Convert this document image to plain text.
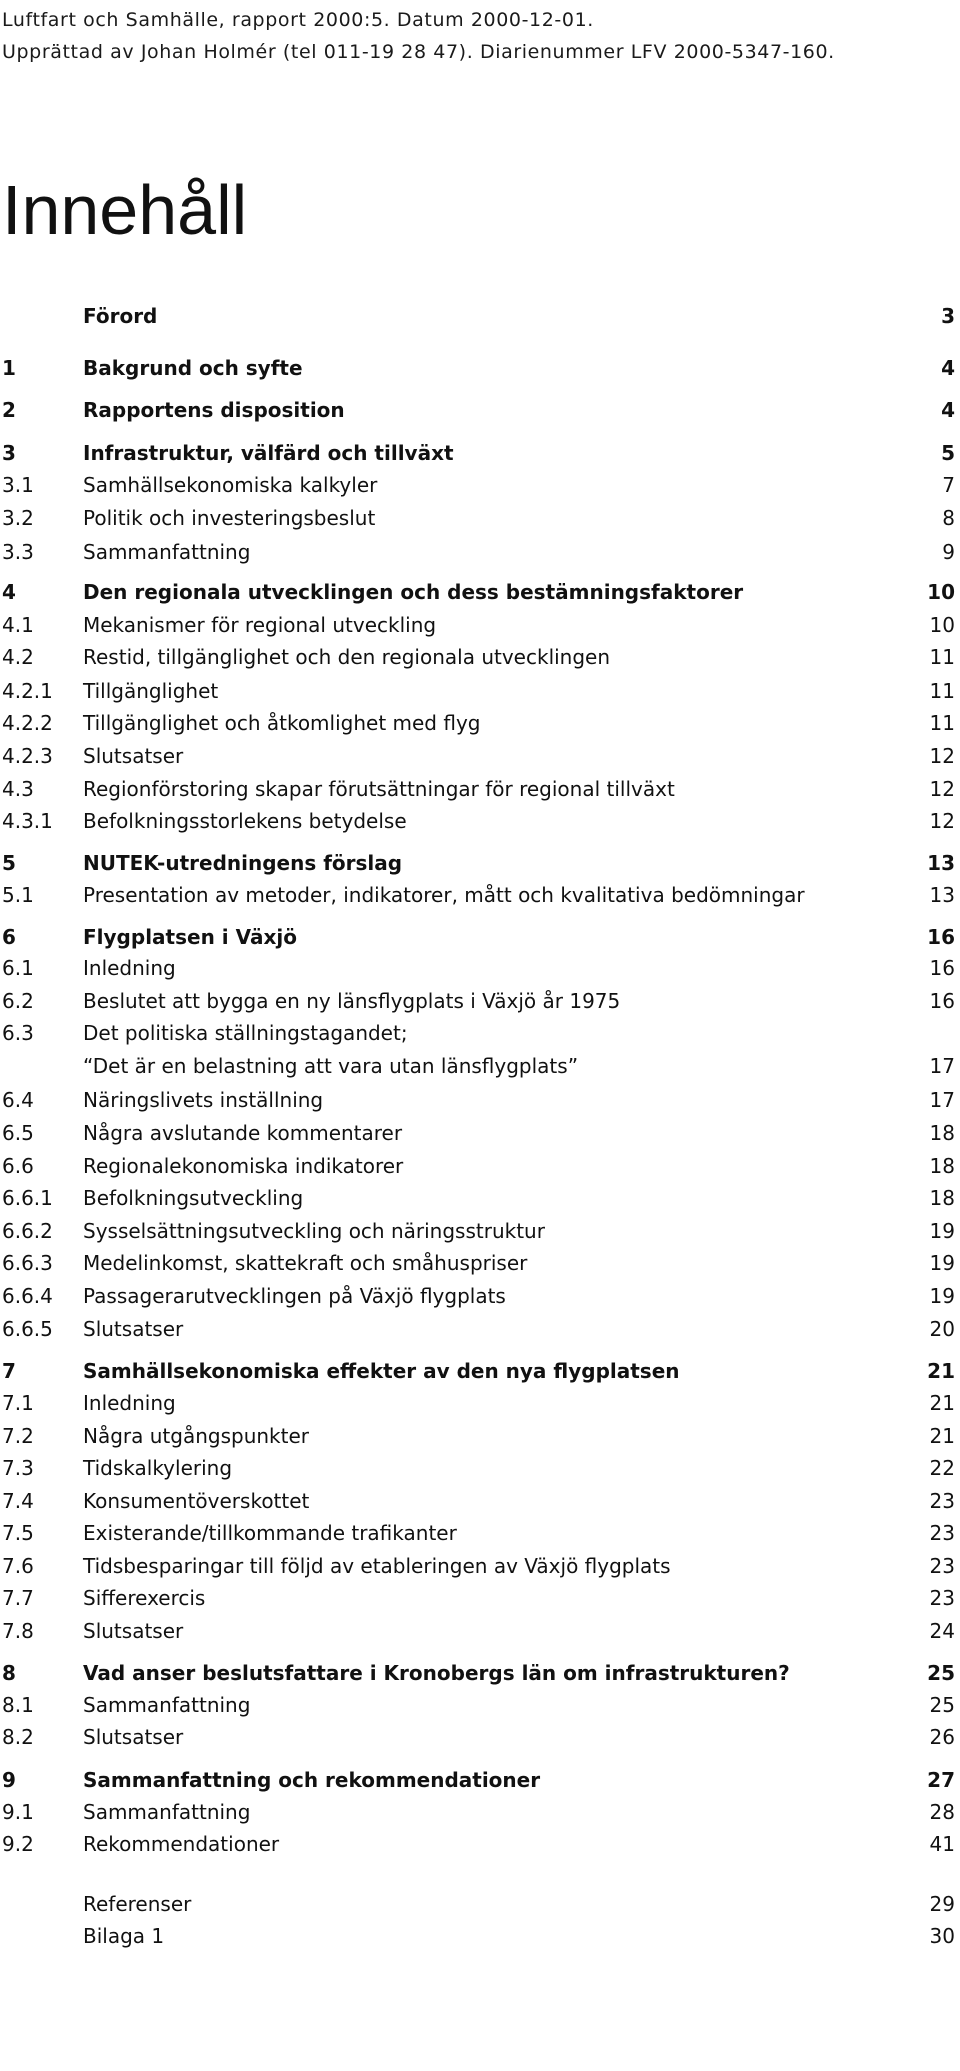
Luftfart och Samhälle, rapport 2000:5. Datum 2000-12-01.
Upprättad av Johan Holmér (tel 011-19 28 47). Diarienummer LFV 2000-5347-160.
Innehåll
Förord	3
1	Bakgrund och syfte	4
2	Rapportens disposition	4
3	Infrastruktur, välfärd och tillväxt	5
3.1 Samhällsekonomiska kalkyler	7
3.2 Politik och investeringsbeslut	8
3.3 Sammanfattning	9
4	Den regionala utvecklingen och dess bestämningsfaktorer	10
4.1 Mekanismer för regional utveckling	10
4.2 Restid, tillgänglighet och den regionala utvecklingen	11
4.2.1 Tillgänglighet	11
4.2.2 Tillgänglighet och åtkomlighet med flyg	11
4.2.3 Slutsatser	12
4.3 Regionförstoring skapar förutsättningar för regional tillväxt	12
4.3.1 Befolkningsstorlekens betydelse	12
5	NUTEK-utredningens förslag	13
5.1 Presentation av metoder, indikatorer, mått och kvalitativa bedömningar	13
6	Flygplatsen i Växjö	16
6.1 Inledning	16
6.2 Beslutet att bygga en ny länsflygplats i Växjö år 1975	16
6.3 Det politiska ställningstagandet;
“Det är en belastning att vara utan länsflygplats”	17
6.4 Näringslivets inställning	17
6.5 Några avslutande kommentarer	18
6.6 Regionalekonomiska indikatorer	18
6.6.1 Befolkningsutveckling	18
6.6.2 Sysselsättningsutveckling och näringsstruktur	19
6.6.3 Medelinkomst, skattekraft och småhuspriser	19
6.6.4 Passagerarutvecklingen på Växjö flygplats	19
6.6.5 Slutsatser	20
7	Samhällsekonomiska effekter av den nya flygplatsen	21
7.1 Inledning	21
7.2 Några utgångspunkter	21
7.3 Tidskalkylering	22
7.4 Konsumentöverskottet	23
7.5 Existerande/tillkommande trafikanter	23
7.6 Tidsbesparingar till följd av etableringen av Växjö flygplats	23
7.7 Sifferexercis	23
7.8 Slutsatser	24
8	Vad anser beslutsfattare i Kronobergs län om infrastrukturen?	25
8.1 Sammanfattning	25
8.2 Slutsatser	26
9	Sammanfattning och rekommendationer	27
9.1 Sammanfattning	28
9.2 Rekommendationer	41
Referenser	29
Bilaga 1	30
